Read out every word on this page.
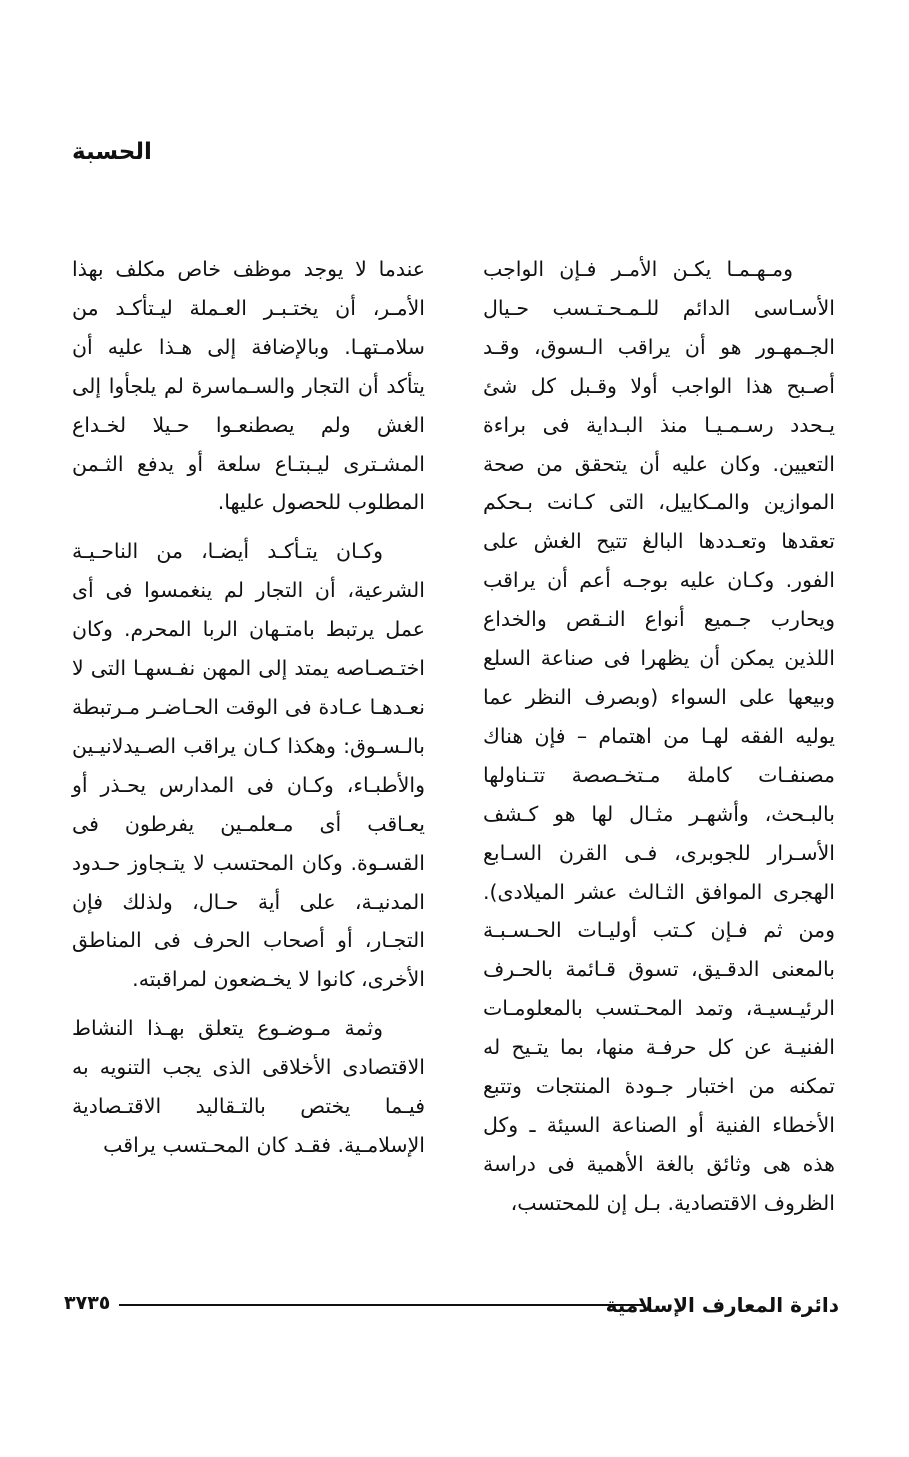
الحسبة

ومـهـمـا يكـن الأمـر فـإن الواجب الأسـاسى الدائم للـمـحـتـسب حـيال الجـمهـور هو أن يراقب الـسوق، وقـد أصـبح هذا الواجب أولا وقـبل كل شئ يـحدد رسـمـيـا منذ البـداية فى براءة التعيين. وكان عليه أن يتحقق من صحة الموازين والمـكاييل، التى كـانت بـحكم تعقدها وتعـددها البالغ تتيح الغش على الفور. وكـان عليه بوجـه أعم أن يراقب ويحارب جـميع أنواع النـقص والخداع اللذين يمكن أن يظهرا فى صناعة السلع وبيعها على السواء (وبصرف النظر عما يوليه الفقه لهـا من اهتمام – فإن هناك مصنفـات كاملة مـتخـصصة تتـناولها بالبـحث، وأشهـر مثـال لها هو كـشف الأسـرار للجوبرى، فـى القرن السـابع الهجرى الموافق الثـالث عشر الميلادى). ومن ثم فـإن كـتب أوليـات الحـسـبـة بالمعنى الدقـيق، تسوق قـائمة بالحـرف الرئيـسيـة، وتمد المحـتسب بالمعلومـات الفنيـة عن كل حرفـة منها، بما يتـيح له تمكنه من اختبار جـودة المنتجات وتتبع الأخطاء الفنية أو الصناعة السيئة ـ وكل هذه هى وثائق بالغة الأهمية فى دراسة الظروف الاقتصادية. بـل إن للمحتسب،

عندما لا يوجد موظف خاص مكلف بهذا الأمـر، أن يختـبـر العـملة ليـتأكـد من سلامـتهـا. وبالإضافة إلى هـذا عليه أن يتأكد أن التجار والسـماسرة لم يلجأوا إلى الغش ولم يصطنعـوا حـيلا لخـداع المشـترى ليـبتـاع سلعة أو يدفع الثـمن المطلوب للحصول عليها.

وكـان يتـأكـد أيضـا، من الناحـيـة الشرعية، أن التجار لم ينغمسوا فى أى عمل يرتبط بامتـهان الربا المحرم. وكان اختـصـاصه يمتد إلى المهن نفـسهـا التى لا نعـدهـا عـادة فى الوقت الحـاضـر مـرتبطة بالـسـوق: وهكذا كـان يراقب الصـيدلانيـين والأطبـاء، وكـان فى المدارس يحـذر أو يعـاقب أى مـعلمـين يفرطون فى القسـوة. وكان المحتسب لا يتـجاوز حـدود المدنيـة، على أية حـال، ولذلك فإن التجـار، أو أصحاب الحرف فى المناطق الأخرى، كانوا لا يخـضعون لمراقبته.

وثمة مـوضـوع يتعلق بهـذا النشاط الاقتصادى الأخلاقى الذى يجب التنويه به فيـما يختص بالتـقاليد الاقتـصادية الإسلامـية. فقـد كان المحـتسب يراقب

دائرة المعارف الإسلامية
٣٧٣٥
